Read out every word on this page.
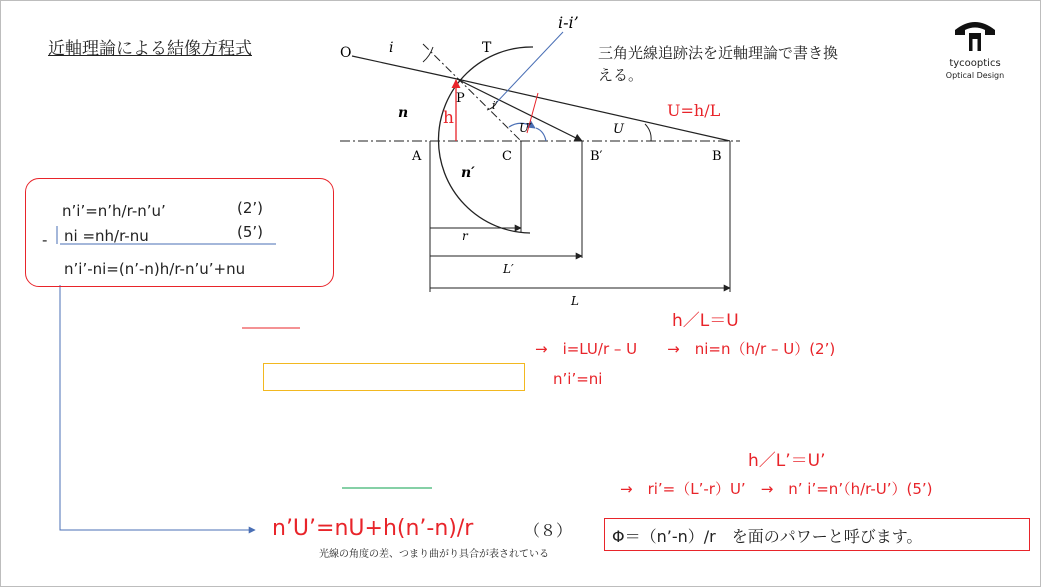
近軸理論による結像方程式	三角光線追跡法を近軸理論で書き換える。
tycooptics
Optical Design
O	i	T
i-i’
P
h
n
n′
i′
U′	U
U=h/L
A	C	B′	B
r
L′
L
n’i’=n’h/r-n’u’	(2’)
ni =nh/r-nu	(5’)
-
n’i’-ni=(n’-n)h/r-n’u’+nu
h／L＝U
→　i=LU/r – U　　→　ni=n（h/r – U）(2’)
n’i’=ni
h／L’＝U’
→　ri’=（L’-r）U’　→　n’ i’=n’（h/r-U’）(5’)
n’U’=nU+h(n’-n)/r	（８）
光線の角度の差、つまり曲がり具合が表されている
Φ＝（n’-n）/r　を面のパワーと呼びます。
